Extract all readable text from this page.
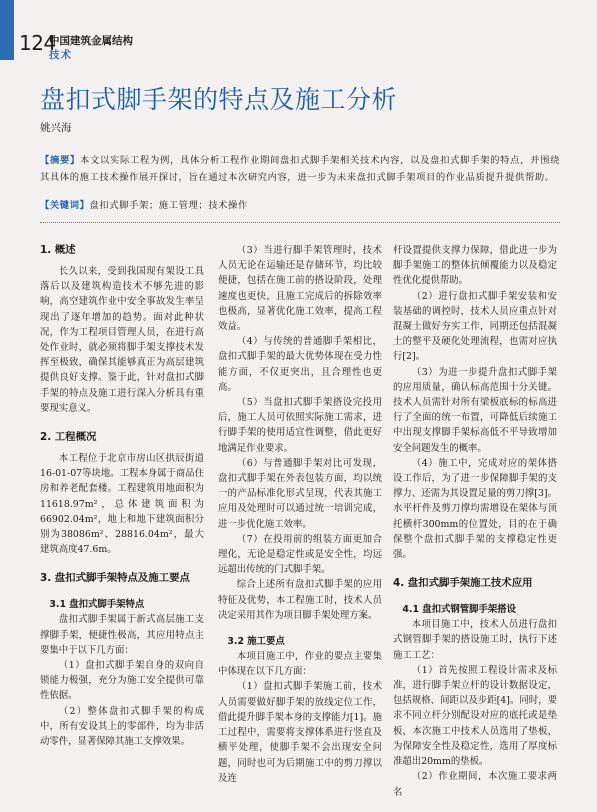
124
中国建筑金属结构
技术
盘扣式脚手架的特点及施工分析
姚兴海
【摘要】本文以实际工程为例，具体分析工程作业期间盘扣式脚手架相关技术内容，以及盘扣式脚手架的特点，并围绕其具体的施工技术操作展开探讨，旨在通过本次研究内容，进一步为未来盘扣式脚手架项目的作业品质提升提供帮助。
【关键词】盘扣式脚手架；施工管理；技术操作
1. 概述

长久以来，受到我国现有架设工具落后以及建筑构造技术不够先进的影响，高空建筑作业中安全事故发生率呈现出了逐年增加的趋势。面对此种状况，作为工程项目管理人员，在进行高处作业时，就必须将脚手架支撑技术发挥至极致，确保其能够真正为高层建筑提供良好支撑。鉴于此，针对盘扣式脚手架的特点及施工进行深入分析具有重要现实意义。

2. 工程概况

本工程位于北京市房山区拱辰街道16-01-07等块地。工程本身属于商品住房和养老配套楼。工程建筑用地面积为11618.97m²，总体建筑面积为66902.04m²，地上和地下建筑面积分别为38086m²、28816.04m²，最大建筑高度47.6m。

3. 盘扣式脚手架特点及施工要点
3.1 盘扣式脚手架特点

盘扣式脚手架属于新式高层施工支撑脚手架，便捷性极高，其应用特点主要集中于以下几方面：

（1）盘扣式脚手架自身的双向自锁能力极强，充分为施工安全提供可靠性依据。

（2）整体盘扣式脚手架的构成中，所有安设其上的零部件，均为非活动零件，显著保障其施工支撑效果。

（3）当进行脚手架管理时，技术人员无论在运输还是存储环节，均比较便捷，包括在施工前的搭设阶段，处理速度也更快，且施工完成后的拆除效率也极高，显著优化施工效率，提高工程效益。

（4）与传统的普通脚手架相比，盘扣式脚手架的最大优势体现在受力性能方面，不仅更突出，且合理性也更高。

（5）当盘扣式脚手架搭设完投用后，施工人员可依照实际施工需求，进行脚手架的使用适宜性调整，借此更好地满足作业要求。

（6）与普通脚手架对比可发现，盘扣式脚手架在外表包装方面，均以统一的产品标准化形式呈现，代表其施工应用及处理时可以通过统一培训完成，进一步优化施工效率。

（7）在投用前的组装方面更加合理化，无论是稳定性或是安全性，均远远超出传统的门式脚手架。

综合上述所有盘扣式脚手架的应用特征及优势，本工程施工时，技术人员决定采用其作为项目脚手架处理方案。

3.2 施工要点

本项目施工中，作业的要点主要集中体现在以下几方面：

（1）盘扣式脚手架施工前，技术人员需要做好脚手架的放线定位工作，借此提升脚手架本身的支撑能力[1]。施工过程中，需要将支撑体系进行竖直及横平处理，使脚手架不会出现安全问题，同时也可为后期施工中的剪刀撑以及连

杆设置提供支撑力保障，借此进一步为脚手架施工的整体抗倾覆能力以及稳定性优化提供帮助。

（2）进行盘扣式脚手架安装和安装基础的调控时，技术人员应重点针对混凝土做好夯实工作，同期还包括混凝土的整平及硬化处理流程，也需对应执行[2]。

（3）为进一步提升盘扣式脚手架的应用质量，确认标高范围十分关键。技术人员需针对所有梁板底标的标高进行了全面的统一布置，可降低后续施工中出现支撑脚手架标高低不平导致增加安全问题发生的概率。

（4）施工中，完成对应的架体搭设工作后，为了进一步保障脚手架的支撑力、还需为其设置足量的剪刀撑[3]。水平杆件及剪刀撑均需增设在架体与顶托横杆300mm的位置处，目的在于确保整个盘扣式脚手架的支撑稳定性更强。

4. 盘扣式脚手架施工技术应用
4.1 盘扣式钢管脚手架搭设

本项目施工中，技术人员进行盘扣式钢管脚手架的搭设施工时，执行下述施工工艺：

（1）首先按照工程设计需求及标准，进行脚手架立杆的设计数据设定，包括规格、间距以及步距[4]。同时，要求不同立杆分别配设对应的底托或是垫板，本次施工中技术人员选用了垫板，为保障安全性及稳定性，选用了厚度标准超出20mm的垫板。

（2）作业期间，本次施工要求两名
